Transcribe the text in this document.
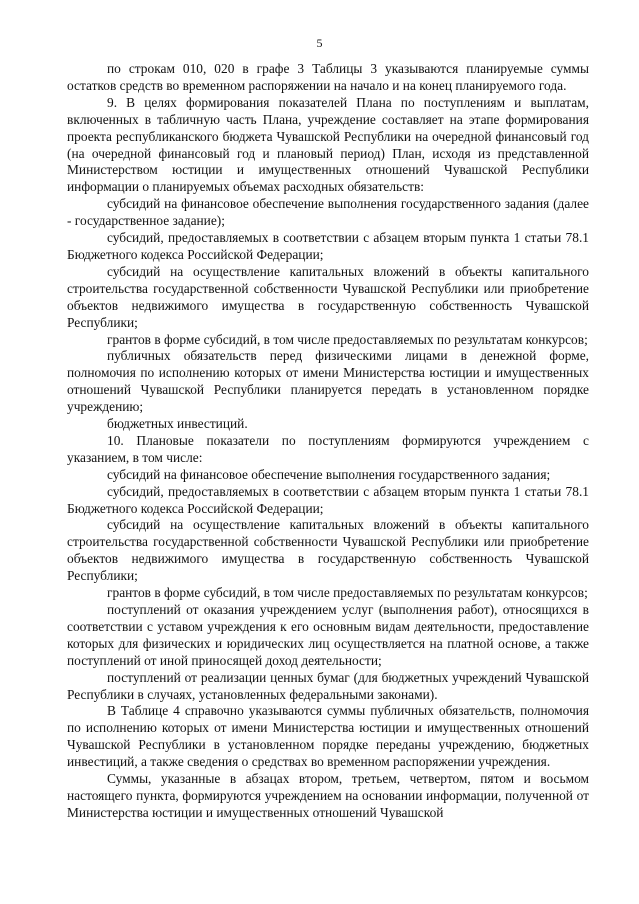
5

по строкам 010, 020 в графе 3 Таблицы 3 указываются планируемые суммы остатков средств во временном распоряжении на начало и на конец планируемого года.

9. В целях формирования показателей Плана по поступлениям и выплатам, включенных в табличную часть Плана, учреждение составляет на этапе формирования проекта республиканского бюджета Чувашской Республики на очередной финансовый год (на очередной финансовый год и плановый период) План, исходя из представленной Министерством юстиции и имущественных отношений Чувашской Республики информации о планируемых объемах расходных обязательств:

субсидий на финансовое обеспечение выполнения государственного задания (далее - государственное задание);

субсидий, предоставляемых в соответствии с абзацем вторым пункта 1 статьи 78.1 Бюджетного кодекса Российской Федерации;

субсидий на осуществление капитальных вложений в объекты капитального строительства государственной собственности Чувашской Республики или приобретение объектов недвижимого имущества в государственную собственность Чувашской Республики;

грантов в форме субсидий, в том числе предоставляемых по результатам конкурсов;

публичных обязательств перед физическими лицами в денежной форме, полномочия по исполнению которых от имени Министерства юстиции и имущественных отношений Чувашской Республики планируется передать в установленном порядке учреждению;

бюджетных инвестиций.

10. Плановые показатели по поступлениям формируются учреждением с указанием, в том числе:

субсидий на финансовое обеспечение выполнения государственного задания;

субсидий, предоставляемых в соответствии с абзацем вторым пункта 1 статьи 78.1 Бюджетного кодекса Российской Федерации;

субсидий на осуществление капитальных вложений в объекты капитального строительства государственной собственности Чувашской Республики или приобретение объектов недвижимого имущества в государственную собственность Чувашской Республики;

грантов в форме субсидий, в том числе предоставляемых по результатам конкурсов;

поступлений от оказания учреждением услуг (выполнения работ), относящихся в соответствии с уставом учреждения к его основным видам деятельности, предоставление которых для физических и юридических лиц осуществляется на платной основе, а также поступлений от иной приносящей доход деятельности;

поступлений от реализации ценных бумаг (для бюджетных учреждений Чувашской Республики в случаях, установленных федеральными законами).

В Таблице 4 справочно указываются суммы публичных обязательств, полномочия по исполнению которых от имени Министерства юстиции и имущественных отношений Чувашской Республики в установленном порядке переданы учреждению, бюджетных инвестиций, а также сведения о средствах во временном распоряжении учреждения.

Суммы, указанные в абзацах втором, третьем, четвертом, пятом и восьмом настоящего пункта, формируются учреждением на основании информации, полученной от Министерства юстиции и имущественных отношений Чувашской
